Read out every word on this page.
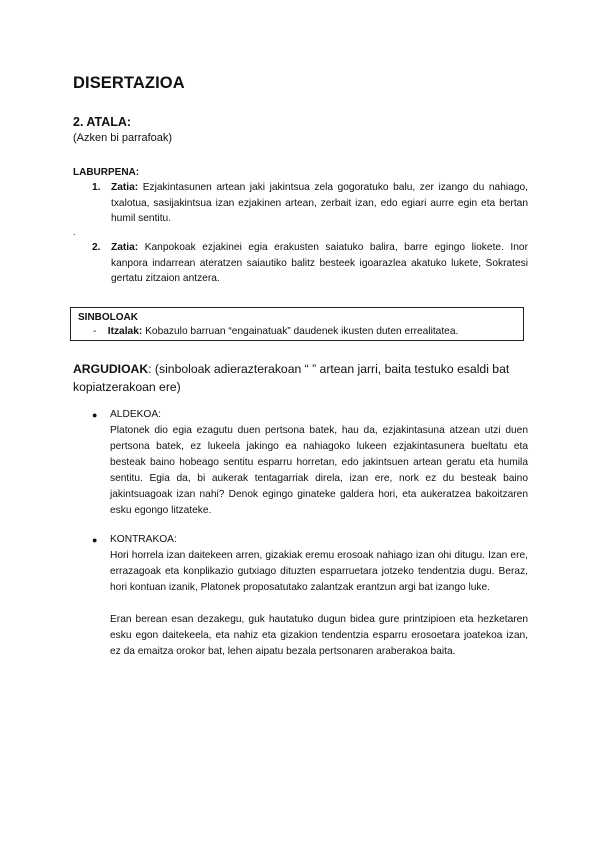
DISERTAZIOA
2. ATALA:
(Azken bi parrafoak)
LABURPENA:
1. Zatia: Ezjakintasunen artean jaki jakintsua zela gogoratuko balu, zer izango du nahiago, txalotua, sasijakintsua izan ezjakinen artean, zerbait izan, edo egiari aurre egin eta bertan humil sentitu.
.
2. Zatia: Kanpokoak ezjakinei egia erakusten saiatuko balira, barre egingo liokete. Inor kanpora indarrean ateratzen saiautiko balitz besteek igoarazlea akatuko lukete, Sokratesi gertatu zitzaion antzera.
SINBOLOAK
- Itzalak: Kobazulo barruan “engainatuak” daudenek ikusten duten errealitatea.
ARGUDIOAK: (sinboloak adierazterakoan “ ” artean jarri, baita testuko esaldi bat kopiatzerakoan ere)
● ALDEKOA:

Platonek dio egia ezagutu duen pertsona batek, hau da, ezjakintasuna atzean utzi duen pertsona batek, ez lukeela jakingo ea nahiagoko lukeen ezjakintasunera bueltatu eta besteak baino hobeago sentitu esparru horretan, edo jakintsuen artean geratu eta humila sentitu. Egia da, bi aukerak tentagarriak direla, izan ere, nork ez du besteak baino jakintsuagoak izan nahi? Denok egingo ginateke galdera hori, eta aukeratzea bakoitzaren esku egongo litzateke.

● KONTRAKOA:

Hori horrela izan daitekeen arren, gizakiak eremu erosoak nahiago izan ohi ditugu. Izan ere, errazagoak eta konplikazio gutxiago dituzten esparruetara jotzeko tendentzia dugu. Beraz, hori kontuan izanik, Platonek proposatutako zalantzak erantzun argi bat izango luke.

Eran berean esan dezakegu, guk hautatuko dugun bidea gure printzipioen eta hezketaren esku egon daitekeela, eta nahiz eta gizakion tendentzia esparru erosoetara joatekoa izan, ez da emaitza orokor bat, lehen aipatu bezala pertsonaren araberakoa baita.
